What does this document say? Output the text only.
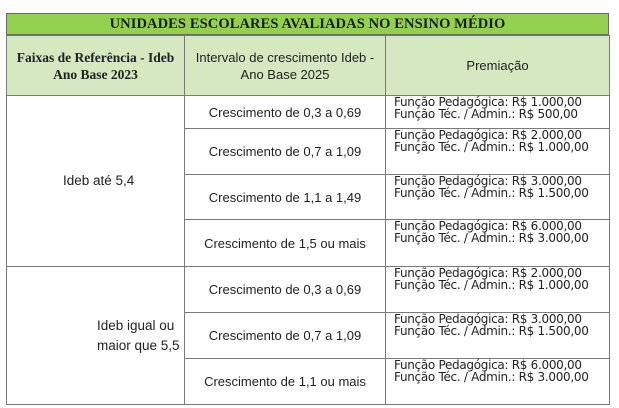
UNIDADES ESCOLARES AVALIADAS NO ENSINO MÉDIO
Faixas de Referência - Ideb Ano Base 2023	Intervalo de crescimento Ideb - Ano Base 2025	Premiação
Ideb até 5,4	Crescimento de 0,3 a 0,69	Função Pedagógica: R$ 1.000,00
Função Téc. / Admin.: R$ 500,00

	Crescimento de 0,7 a 1,09	Função Pedagógica: R$ 2.000,00
Função Téc. / Admin.: R$ 1.000,00

	Crescimento de 1,1 a 1,49	Função Pedagógica: R$ 3.000,00
Função Téc. / Admin.: R$ 1.500,00

	Crescimento de 1,5 ou mais	Função Pedagógica: R$ 6.000,00
Função Téc. / Admin.: R$ 3.000,00

Ideb igual ou maior que 5,5	Crescimento de 0,3 a 0,69	Função Pedagógica: R$ 2.000,00
Função Téc. / Admin.: R$ 1.000,00

	Crescimento de 0,7 a 1,09	Função Pedagógica: R$ 3.000,00
Função Téc. / Admin.: R$ 1.500,00

	Crescimento de 1,1 ou mais	Função Pedagógica: R$ 6.000,00
Função Téc. / Admin.: R$ 3.000,00
